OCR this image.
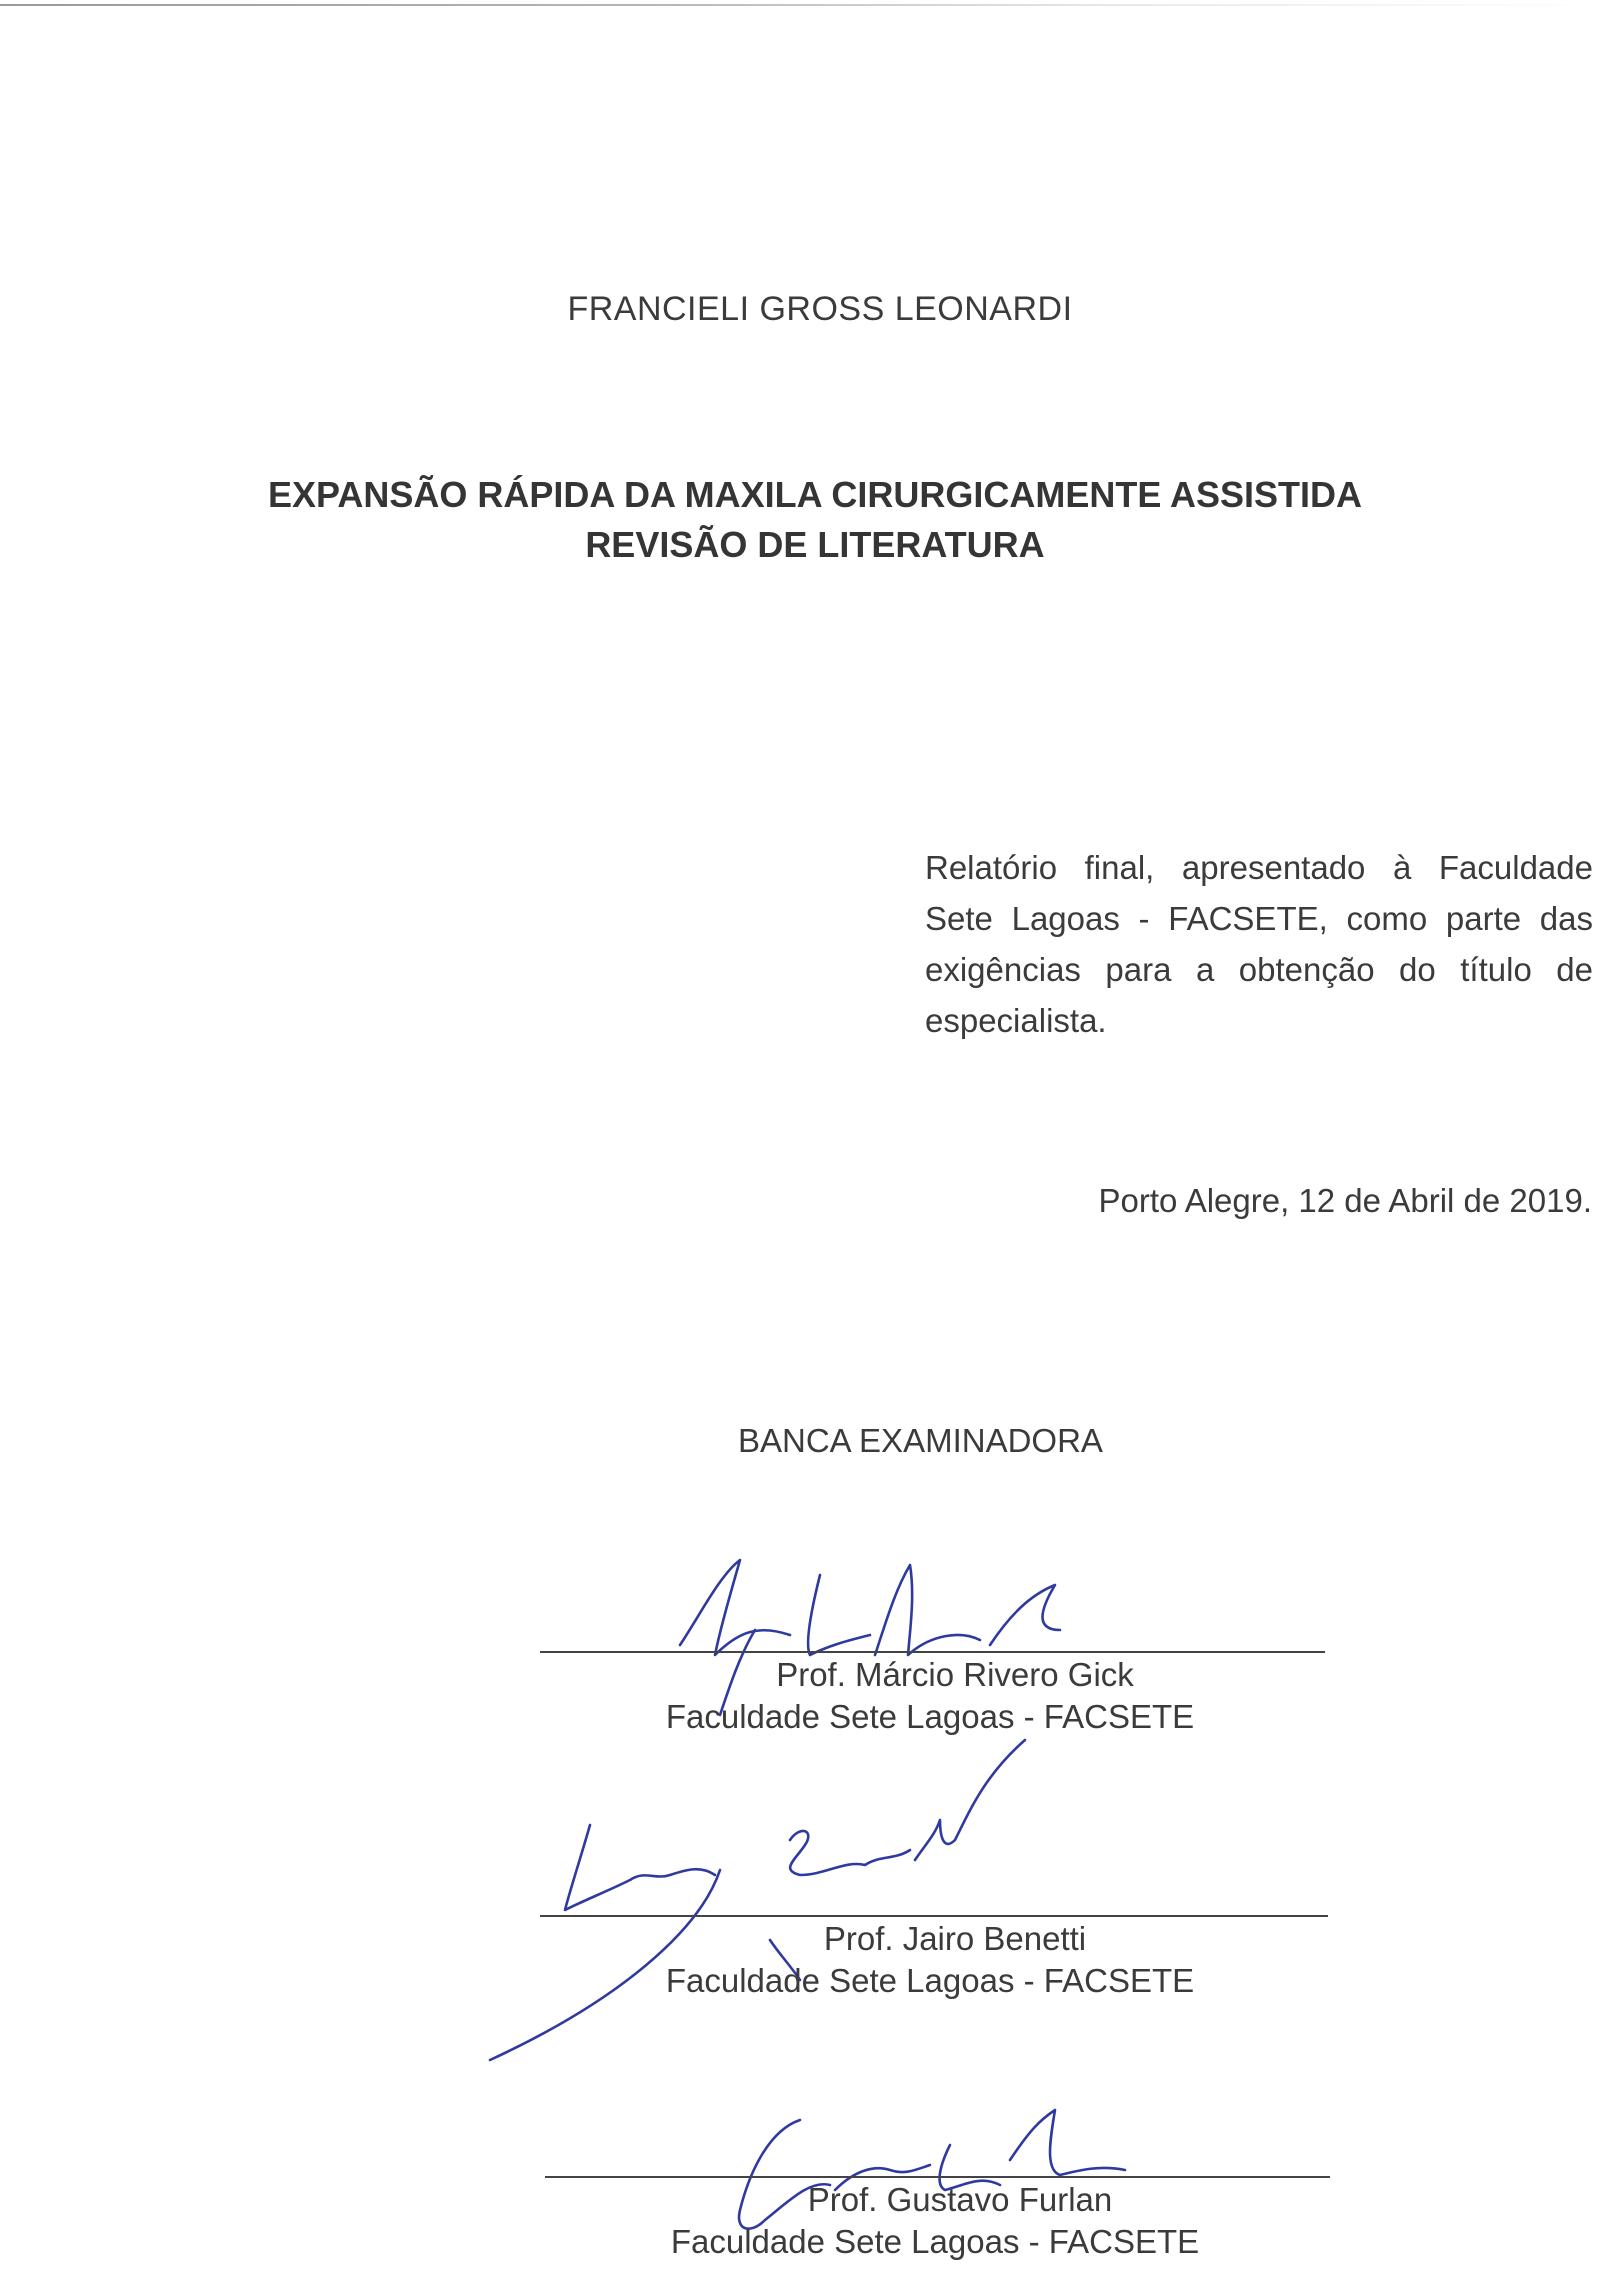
FRANCIELI GROSS LEONARDI
EXPANSÃO RÁPIDA DA MAXILA CIRURGICAMENTE ASSISTIDA
REVISÃO DE LITERATURA
Relatório final, apresentado à Faculdade Sete Lagoas - FACSETE, como parte das exigências para a obtenção do título de especialista.
Porto Alegre, 12 de Abril de 2019.
BANCA EXAMINADORA
Prof. Márcio Rivero Gick
Faculdade Sete Lagoas - FACSETE
Prof. Jairo Benetti
Faculdade Sete Lagoas - FACSETE
Prof. Gustavo Furlan
Faculdade Sete Lagoas - FACSETE
